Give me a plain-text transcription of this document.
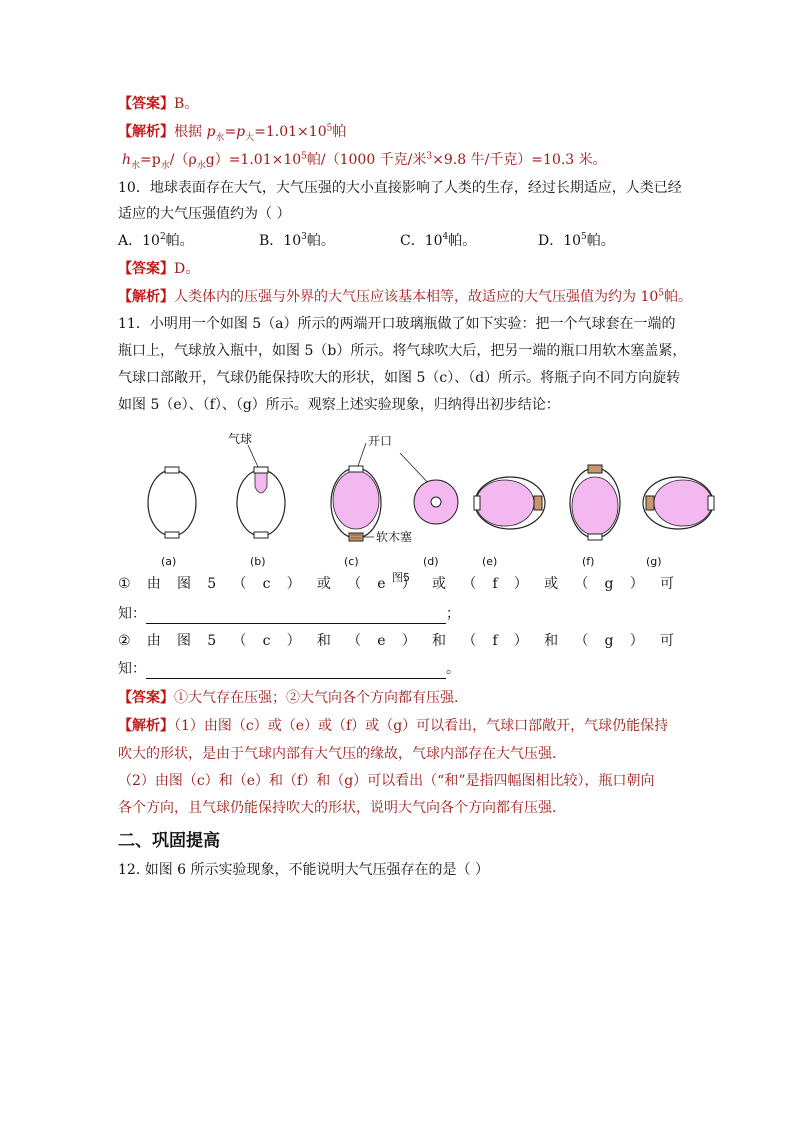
【答案】B。
【解析】根据 $p_水=p_大=1.01\times 10^5$帕
$h_水=p_水/(\rho_水g)=1.01\times 10^5$帕/（1000 千克/米$^3$×9.8 牛/千克）=10.3 米。
10．地球表面存在大气，大气压强的大小直接影响了人类的生存，经过长期适应，人类已经
适应的大气压强值约为（ ）
A．102帕。	B．103帕。	C．104帕。	D．105帕。
【答案】D。
【解析】人类体内的压强与外界的大气压应该基本相等，故适应的大气压强值为约为 $10^5$帕。
11．小明用一个如图 5（a）所示的两端开口玻璃瓶做了如下实验：把一个气球套在一端的
瓶口上，气球放入瓶中，如图 5（b）所示。将气球吹大后，把另一端的瓶口用软木塞盖紧，
气球口部敞开，气球仍能保持吹大的形状，如图 5（c）、（d）所示。将瓶子向不同方向旋转
如图 5（e）、（f）、（g）所示。观察上述实验现象，归纳得出初步结论：
气球	开口
软木塞
(a)	(b)	(c)	(d)	(e)	(f)	(g)
图5
① 由 图 5 （ c ） 或 （ e ） 或 （ f ） 或 （ g ） 可
知：	；
② 由 图 5 （ c ） 和 （ e ） 和 （ f ） 和 （ g ） 可
知：	。
【答案】①大气存在压强；②大气向各个方向都有压强.
【解析】（1）由图（c）或（e）或（f）或（g）可以看出，气球口部敞开，气球仍能保持
吹大的形状，是由于气球内部有大气压的缘故，气球内部存在大气压强．
（2）由图（c）和（e）和（f）和（g）可以看出（“和”是指四幅图相比较），瓶口朝向
各个方向，且气球仍能保持吹大的形状，说明大气向各个方向都有压强．
二、巩固提高
12. 如图 6 所示实验现象，不能说明大气压强存在的是（ ）
